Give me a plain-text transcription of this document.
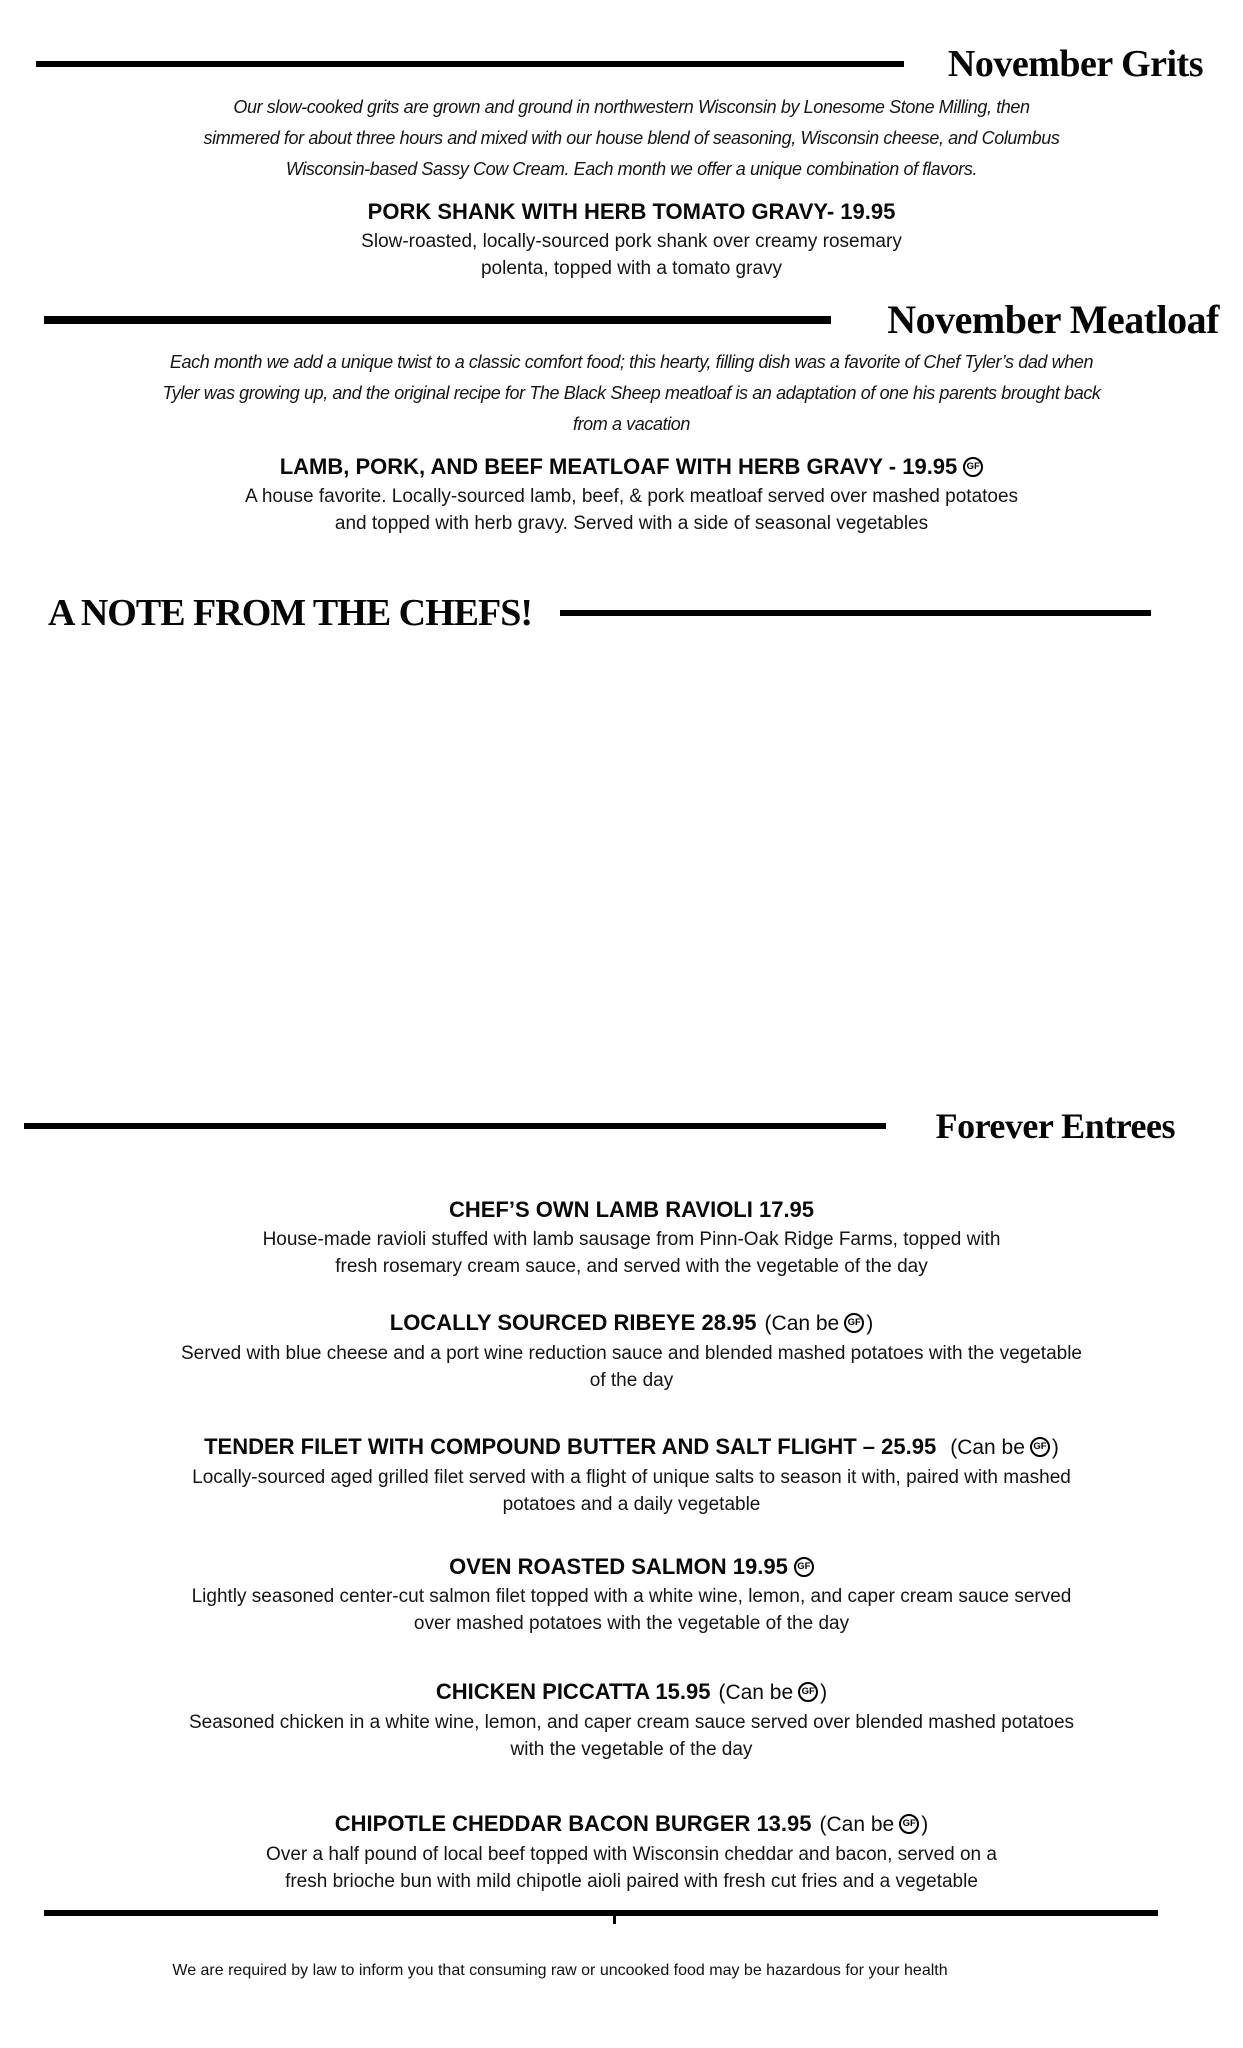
November Grits
Our slow-cooked grits are grown and ground in northwestern Wisconsin by Lonesome Stone Milling, then
simmered for about three hours and mixed with our house blend of seasoning, Wisconsin cheese, and Columbus
Wisconsin-based Sassy Cow Cream. Each month we offer a unique combination of flavors.
PORK SHANK WITH HERB TOMATO GRAVY- 19.95
Slow-roasted, locally-sourced pork shank over creamy rosemary
polenta, topped with a tomato gravy
November Meatloaf
Each month we add a unique twist to a classic comfort food; this hearty, filling dish was a favorite of Chef Tyler’s dad when
Tyler was growing up, and the original recipe for The Black Sheep meatloaf is an adaptation of one his parents brought back
from a vacation
LAMB, PORK, AND BEEF MEATLOAF WITH HERB GRAVY - 19.95 GF
A house favorite. Locally-sourced lamb, beef, & pork meatloaf served over mashed potatoes
and topped with herb gravy. Served with a side of seasonal vegetables
A NOTE FROM THE CHEFS!
Forever Entrees
CHEF’S OWN LAMB RAVIOLI 17.95
House-made ravioli stuffed with lamb sausage from Pinn-Oak Ridge Farms, topped with
fresh rosemary cream sauce, and served with the vegetable of the day
LOCALLY SOURCED RIBEYE 28.95 (Can be GF )
Served with blue cheese and a port wine reduction sauce and blended mashed potatoes with the vegetable
of the day
TENDER FILET WITH COMPOUND BUTTER AND SALT FLIGHT – 25.95 (Can be GF )
Locally-sourced aged grilled filet served with a flight of unique salts to season it with, paired with mashed
potatoes and a daily vegetable
OVEN ROASTED SALMON 19.95 GF
Lightly seasoned center-cut salmon filet topped with a white wine, lemon, and caper cream sauce served
over mashed potatoes with the vegetable of the day
CHICKEN PICCATTA 15.95 (Can be GF )
Seasoned chicken in a white wine, lemon, and caper cream sauce served over blended mashed potatoes
with the vegetable of the day
CHIPOTLE CHEDDAR BACON BURGER 13.95 (Can be GF )
Over a half pound of local beef topped with Wisconsin cheddar and bacon, served on a
fresh brioche bun with mild chipotle aioli paired with fresh cut fries and a vegetable
We are required by law to inform you that consuming raw or uncooked food may be hazardous for your health
